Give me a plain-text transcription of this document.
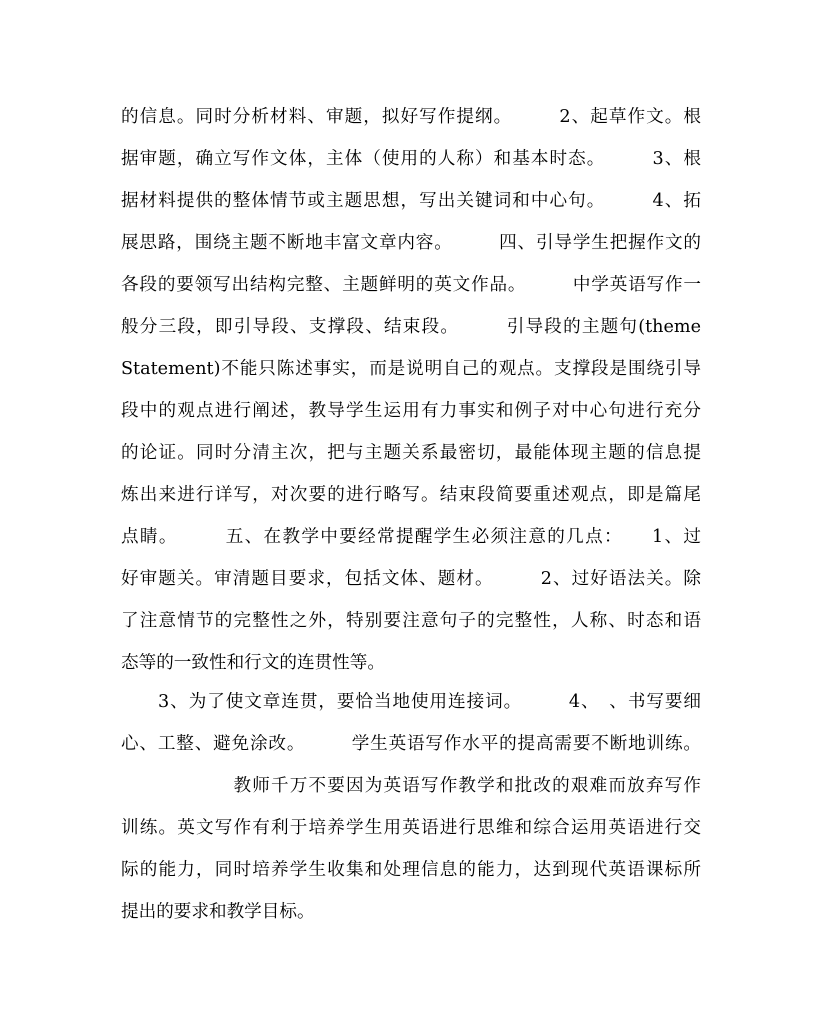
的信息。同时分析材料、审题，拟好写作提纲。　　　2、起草作文。根
据审题，确立写作文体，主体（使用的人称）和基本时态。　　　3、根
据材料提供的整体情节或主题思想，写出关键词和中心句。　　　4、拓
展思路，围绕主题不断地丰富文章内容。　　　四、引导学生把握作文的
各段的要领写出结构完整、主题鲜明的英文作品。　　　中学英语写作一
般分三段，即引导段、支撑段、结束段。　　　引导段的主题句(theme
Statement)不能只陈述事实，而是说明自己的观点。支撑段是围绕引导
段中的观点进行阐述，教导学生运用有力事实和例子对中心句进行充分
的论证。同时分清主次，把与主题关系最密切，最能体现主题的信息提
炼出来进行详写，对次要的进行略写。结束段简要重述观点，即是篇尾
点睛。　　　五、在教学中要经常提醒学生必须注意的几点：　　1、过
好审题关。审清题目要求，包括文体、题材。　　　2、过好语法关。除
了注意情节的完整性之外，特别要注意句子的完整性，人称、时态和语
态等的一致性和行文的连贯性等。
　　3、为了使文章连贯，要恰当地使用连接词。　　　4、　、书写要细
心、工整、避免涂改。　　　学生英语写作水平的提高需要不断地训练。
　　　　　　教师千万不要因为英语写作教学和批改的艰难而放弃写作
训练。英文写作有利于培养学生用英语进行思维和综合运用英语进行交
际的能力，同时培养学生收集和处理信息的能力，达到现代英语课标所
提出的要求和教学目标。
